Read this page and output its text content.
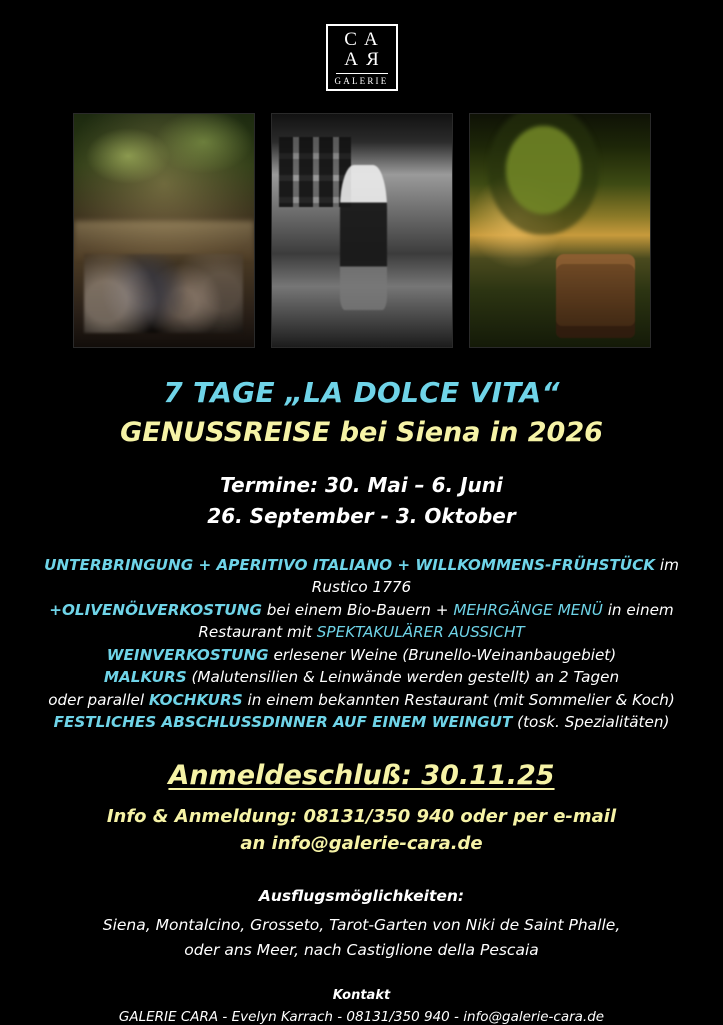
C A
A R
GALERIE
7 TAGE „LA DOLCE VITA“
GENUSSREISE bei Siena in 2026
Termine: 30. Mai – 6. Juni
26. September - 3. Oktober
UNTERBRINGUNG + APERITIVO ITALIANO + WILLKOMMENS-FRÜHSTÜCK im Rustico 1776
+OLIVENÖLVERKOSTUNG bei einem Bio-Bauern + MEHRGÄNGE MENÜ in einem
Restaurant mit SPEKTAKULÄRER AUSSICHT
WEINVERKOSTUNG erlesener Weine (Brunello-Weinanbaugebiet)
MALKURS (Malutensilien & Leinwände werden gestellt) an 2 Tagen
oder parallel KOCHKURS in einem bekannten Restaurant (mit Sommelier & Koch)
FESTLICHES ABSCHLUSSDINNER AUF EINEM WEINGUT (tosk. Spezialitäten)
Anmeldeschluß: 30.11.25
Info & Anmeldung: 08131/350 940 oder per e-mail
an info@galerie-cara.de
Ausflugsmöglichkeiten:
Siena, Montalcino, Grosseto, Tarot-Garten von Niki de Saint Phalle,
oder ans Meer, nach Castiglione della Pescaia
Kontakt
GALERIE CARA - Evelyn Karrach - 08131/350 940 - info@galerie-cara.de
